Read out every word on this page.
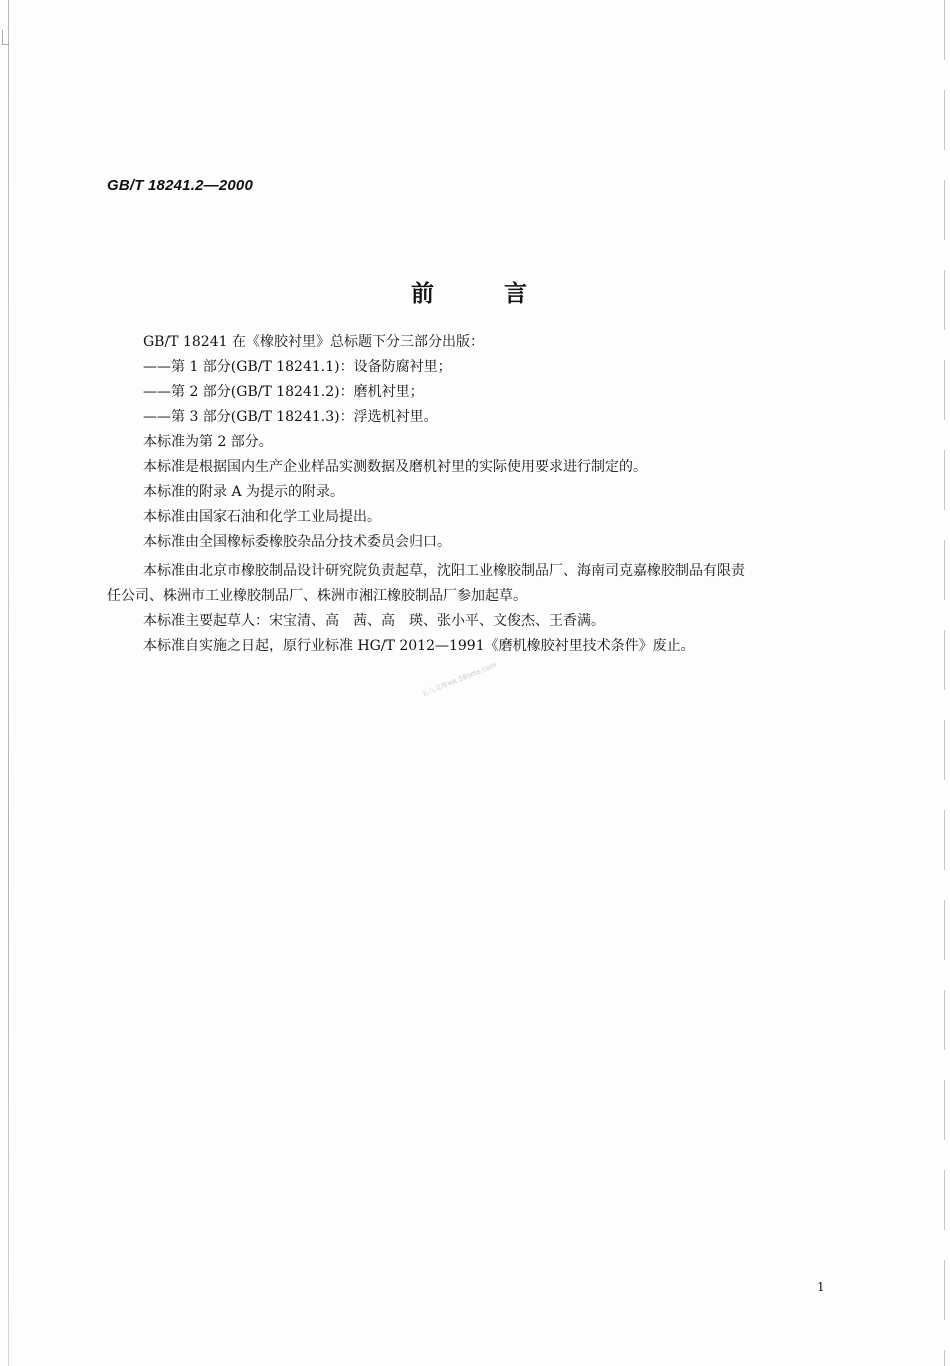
GB/T 18241.2—2000
前言
GB/T 18241 在《橡胶衬里》总标题下分三部分出版：
——第 1 部分(GB/T 18241.1)：设备防腐衬里；
——第 2 部分(GB/T 18241.2)：磨机衬里；
——第 3 部分(GB/T 18241.3)：浮选机衬里。
本标准为第 2 部分。
本标准是根据国内生产企业样品实测数据及磨机衬里的实际使用要求进行制定的。
本标准的附录 A 为提示的附录。
本标准由国家石油和化学工业局提出。
本标准由全国橡标委橡胶杂品分技术委员会归口。
本标准由北京市橡胶制品设计研究院负责起草，沈阳工业橡胶制品厂、海南司克嘉橡胶制品有限责
任公司、株洲市工业橡胶制品厂、株洲市湘江橡胶制品厂参加起草。
本标准主要起草人：宋宝清、高　茜、高　瑛、张小平、文俊杰、王香满。
本标准自实施之日起，原行业标准 HG/T 2012—1991《磨机橡胶衬里技术条件》废止。
五八文库wk.58sms.com
1
